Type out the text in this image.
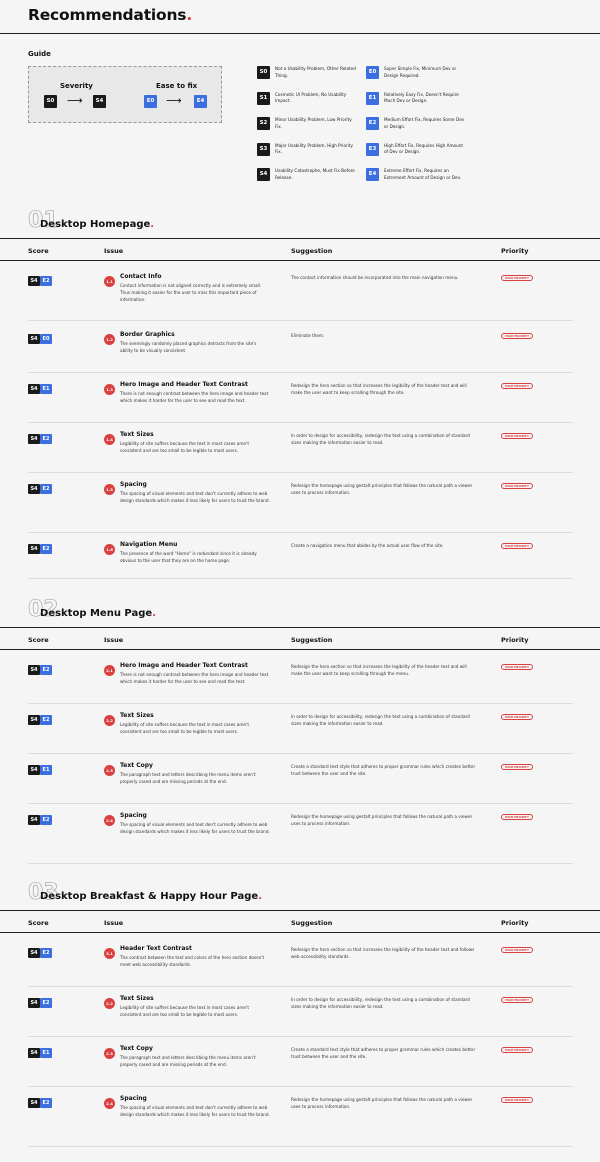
Recommendations.
Guide
Severity	Ease to fix
S0 ⟶	S4	E0 ⟶	E4
S0
Not a Usability Problem, Other Related Thing.
S1
Cosmetic UI Problem, No Usability Impact.
S2
Minor Usability Problem, Low Priority Fix.
S3
Major Usability Problem, High Priority Fix.
S4
Usability Catastrophe, Must Fix Before Release.
E0
Super Simple Fix, Minimum Dev or Design Required.
E1
Relatively Easy Fix, Doesn't Require Much Dev or Design.
E2
Medium Effort Fix, Requires Some Dev or Design.
E3
High Effort Fix, Requires High Amount of Dev or Design.
E4
Extreme Effort Fix, Requires an Extrement Amount of Design or Dev.
01
Desktop Homepage.
Score	Issue	Suggestion	Priority
S4	E2	1.1
Contact Info
Contact information is not aligned correctly and is extremely small. Thus making it easier for the user to miss this important piece of information.
The contact information should be incorporated into the main navigation menu.	HIGH PRIORITY
S4	E0	1.2
Border Graphics
The seemingly randomly placed graphics detracts from the site's ability to be visually consistent.
Eliminate them.	HIGH PRIORITY
S4	E1	1.3
Hero Image and Header Text Contrast
There is not enough contrast between the hero image and header text which makes it harder for the user to see and read the text.
Redesign the hero section so that increases the legibility of the header text and will make the user want to keep scrolling through the site.
HIGH PRIORITY
S4	E2	1.4
Text Sizes
Legibility of site suffers because the text in most cases aren't consistent and are too small to be legible to most users.
In order to design for accessibility, redesign the text using a combination of standard sizes making the information easier to read.
HIGH PRIORITY
S4	E2	1.5
Spacing
The spacing of visual elements and text don't currently adhere to web design standards which makes it less likely for users to trust the brand.
Redesign the homepage using gestalt principles that follows the natural path a viewer uses to process information.
HIGH PRIORITY
S4	E2	1.6
Navigation Menu
The presence of the word "Home" is redundant since it is already obvious to the user that they are on the home page.
Create a navigation menu that abides by the actual user flow of the site.	HIGH PRIORITY
02
Desktop Menu Page.
Score	Issue	Suggestion	Priority
S4	E2	2.1
Hero Image and Header Text Contrast
There is not enough contrast between the hero image and header text which makes it harder for the user to see and read the text.
Redesign the hero section so that increases the legibility of the header text and will make the user want to keep scrolling through the menu.
HIGH PRIORITY
S4	E2	2.2
Text Sizes
Legibility of site suffers because the text in most cases aren't consistent and are too small to be legible to most users.
In order to design for accessibility, redesign the text using a combination of standard sizes making the information easier to read.
HIGH PRIORITY
S4	E1	2.3
Text Copy
The paragraph text and letters describing the menu items aren't properly cased and are missing periods at the end.
Create a standard text style that adheres to proper grammar rules which creates better trust between the user and the site.
HIGH PRIORITY
S4	E2	2.4
Spacing
The spacing of visual elements and text don't currently adhere to web design standards which makes it less likely for users to trust the brand.
Redesign the homepage using gestalt principles that follows the natural path a viewer uses to process information.
HIGH PRIORITY
03
Desktop Breakfast & Happy Hour Page.
Score	Issue	Suggestion	Priority
S4	E2	3.1
Header Text Contrast
The contrast between the text and colors of the hero section doesn't meet web accessibility standards.
Redesign the hero section so that increases the legibility of the header text and follows web accessibility standards.
HIGH PRIORITY
S4	E2	2.2
Text Sizes
Legibility of site suffers because the text in most cases aren't consistent and are too small to be legible to most users.
In order to design for accessibility, redesign the text using a combination of standard sizes making the information easier to read.
HIGH PRIORITY
S4	E1	2.3
Text Copy
The paragraph text and letters describing the menu items aren't properly cased and are missing periods at the end.
Create a standard text style that adheres to proper grammar rules which creates better trust between the user and the site.
HIGH PRIORITY
S4	E2	2.4
Spacing
The spacing of visual elements and text don't currently adhere to web design standards which makes it less likely for users to trust the brand.
Redesign the homepage using gestalt principles that follows the natural path a viewer uses to process information.
HIGH PRIORITY
